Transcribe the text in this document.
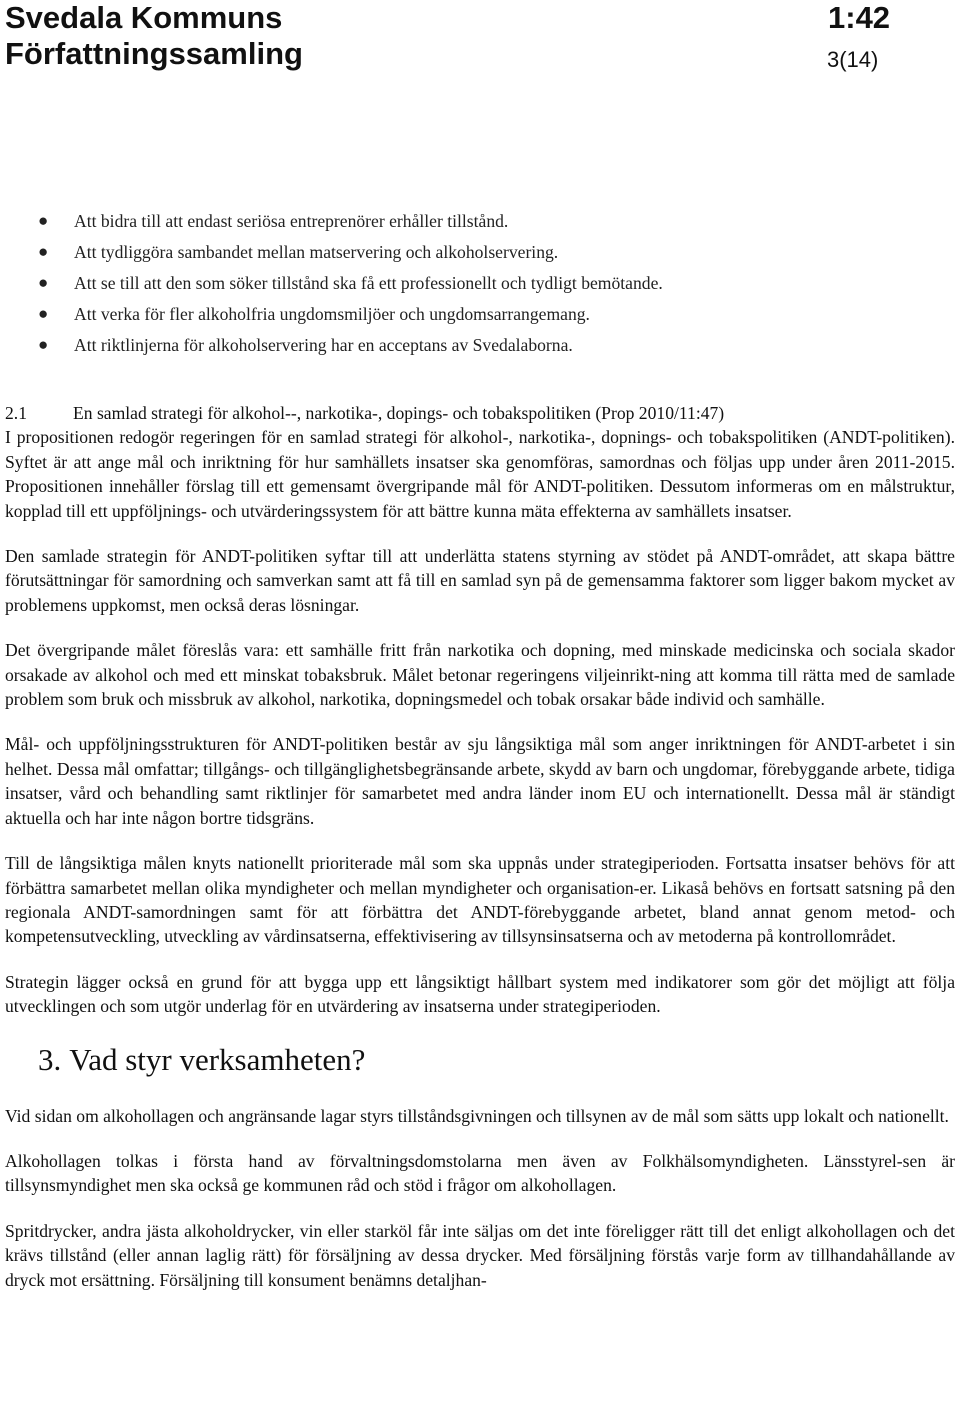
Svedala Kommuns
Författningssamling
1:42
3(14)
● Att bidra till att endast seriösa entreprenörer erhåller tillstånd.
● Att tydliggöra sambandet mellan matservering och alkoholservering.
● Att se till att den som söker tillstånd ska få ett professionellt och tydligt bemötande.
● Att verka för fler alkoholfria ungdomsmiljöer och ungdomsarrangemang.
● Att riktlinjerna för alkoholservering har en acceptans av Svedalaborna.
2.1	En samlad strategi för alkohol--, narkotika-, dopings- och tobakspolitiken (Prop 2010/11:47)
I propositionen redogör regeringen för en samlad strategi för alkohol-, narkotika-, dopnings- och tobakspolitiken (ANDT-politiken). Syftet är att ange mål och inriktning för hur samhällets insatser ska genomföras, samordnas och följas upp under åren 2011-2015. Propositionen innehåller förslag till ett gemensamt övergripande mål för ANDT-politiken. Dessutom informeras om en målstruktur, kopplad till ett uppföljnings- och utvärderingssystem för att bättre kunna mäta effekterna av samhällets insatser.

Den samlade strategin för ANDT-politiken syftar till att underlätta statens styrning av stödet på ANDT-området, att skapa bättre förutsättningar för samordning och samverkan samt att få till en samlad syn på de gemensamma faktorer som ligger bakom mycket av problemens uppkomst, men också deras lösningar.

Det övergripande målet föreslås vara: ett samhälle fritt från narkotika och dopning, med minskade medicinska och sociala skador orsakade av alkohol och med ett minskat tobaksbruk. Målet betonar regeringens viljeinrikt-ning att komma till rätta med de samlade problem som bruk och missbruk av alkohol, narkotika, dopningsmedel och tobak orsakar både individ och samhälle.

Mål- och uppföljningsstrukturen för ANDT-politiken består av sju långsiktiga mål som anger inriktningen för ANDT-arbetet i sin helhet. Dessa mål omfattar; tillgångs- och tillgänglighetsbegränsande arbete, skydd av barn och ungdomar, förebyggande arbete, tidiga insatser, vård och behandling samt riktlinjer för samarbetet med andra länder inom EU och internationellt. Dessa mål är ständigt aktuella och har inte någon bortre tidsgräns.

Till de långsiktiga målen knyts nationellt prioriterade mål som ska uppnås under strategiperioden. Fortsatta insatser behövs för att förbättra samarbetet mellan olika myndigheter och mellan myndigheter och organisation-er. Likaså behövs en fortsatt satsning på den regionala ANDT-samordningen samt för att förbättra det ANDT-förebyggande arbetet, bland annat genom metod- och kompetensutveckling, utveckling av vårdinsatserna, effektivisering av tillsynsinsatserna och av metoderna på kontrollområdet.

Strategin lägger också en grund för att bygga upp ett långsiktigt hållbart system med indikatorer som gör det möjligt att följa utvecklingen och som utgör underlag för en utvärdering av insatserna under strategiperioden.

3. Vad styr verksamheten?

Vid sidan om alkohollagen och angränsande lagar styrs tillståndsgivningen och tillsynen av de mål som sätts upp lokalt och nationellt.

Alkohollagen tolkas i första hand av förvaltningsdomstolarna men även av Folkhälsomyndigheten. Länsstyrel-sen är tillsynsmyndighet men ska också ge kommunen råd och stöd i frågor om alkohollagen.

Spritdrycker, andra jästa alkoholdrycker, vin eller starköl får inte säljas om det inte föreligger rätt till det enligt alkohollagen och det krävs tillstånd (eller annan laglig rätt) för försäljning av dessa drycker. Med försäljning förstås varje form av tillhandahållande av dryck mot ersättning. Försäljning till konsument benämns detaljhan-
